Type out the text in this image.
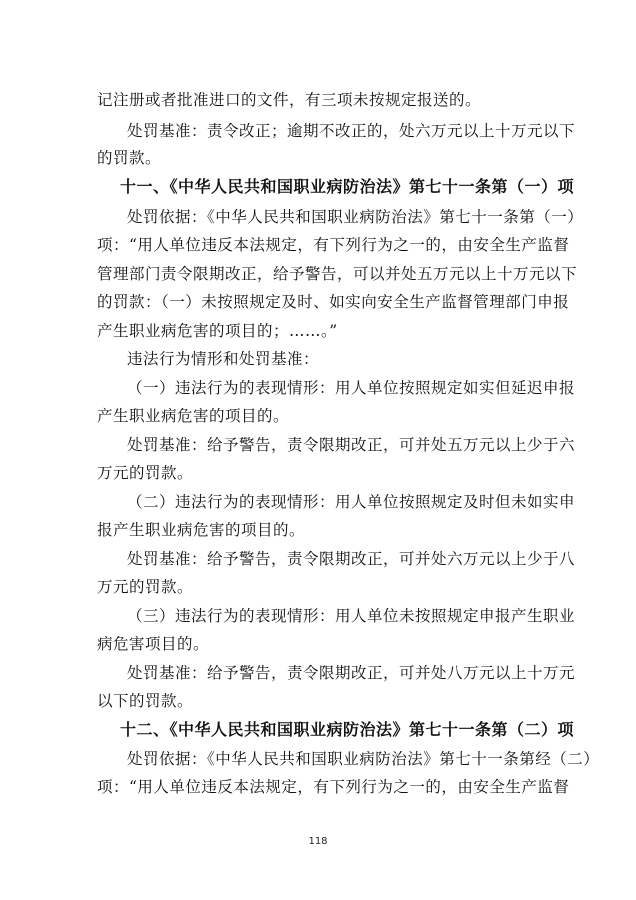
记注册或者批准进口的文件，有三项未按规定报送的。
处罚基准：责令改正；逾期不改正的，处六万元以上十万元以下
的罚款。
十一、《中华人民共和国职业病防治法》第七十一条第（一）项
处罚依据：《中华人民共和国职业病防治法》第七十一条第（一）
项：“用人单位违反本法规定，有下列行为之一的，由安全生产监督
管理部门责令限期改正，给予警告，可以并处五万元以上十万元以下
的罚款：（一）未按照规定及时、如实向安全生产监督管理部门申报
产生职业病危害的项目的；……。”
违法行为情形和处罚基准：
（一）违法行为的表现情形：用人单位按照规定如实但延迟申报
产生职业病危害的项目的。
处罚基准：给予警告，责令限期改正，可并处五万元以上少于六
万元的罚款。
（二）违法行为的表现情形：用人单位按照规定及时但未如实申
报产生职业病危害的项目的。
处罚基准：给予警告，责令限期改正，可并处六万元以上少于八
万元的罚款。
（三）违法行为的表现情形：用人单位未按照规定申报产生职业
病危害项目的。
处罚基准：给予警告，责令限期改正，可并处八万元以上十万元
以下的罚款。
十二、《中华人民共和国职业病防治法》第七十一条第（二）项
处罚依据：《中华人民共和国职业病防治法》第七十一条第经（二）
项：“用人单位违反本法规定，有下列行为之一的，由安全生产监督
118
